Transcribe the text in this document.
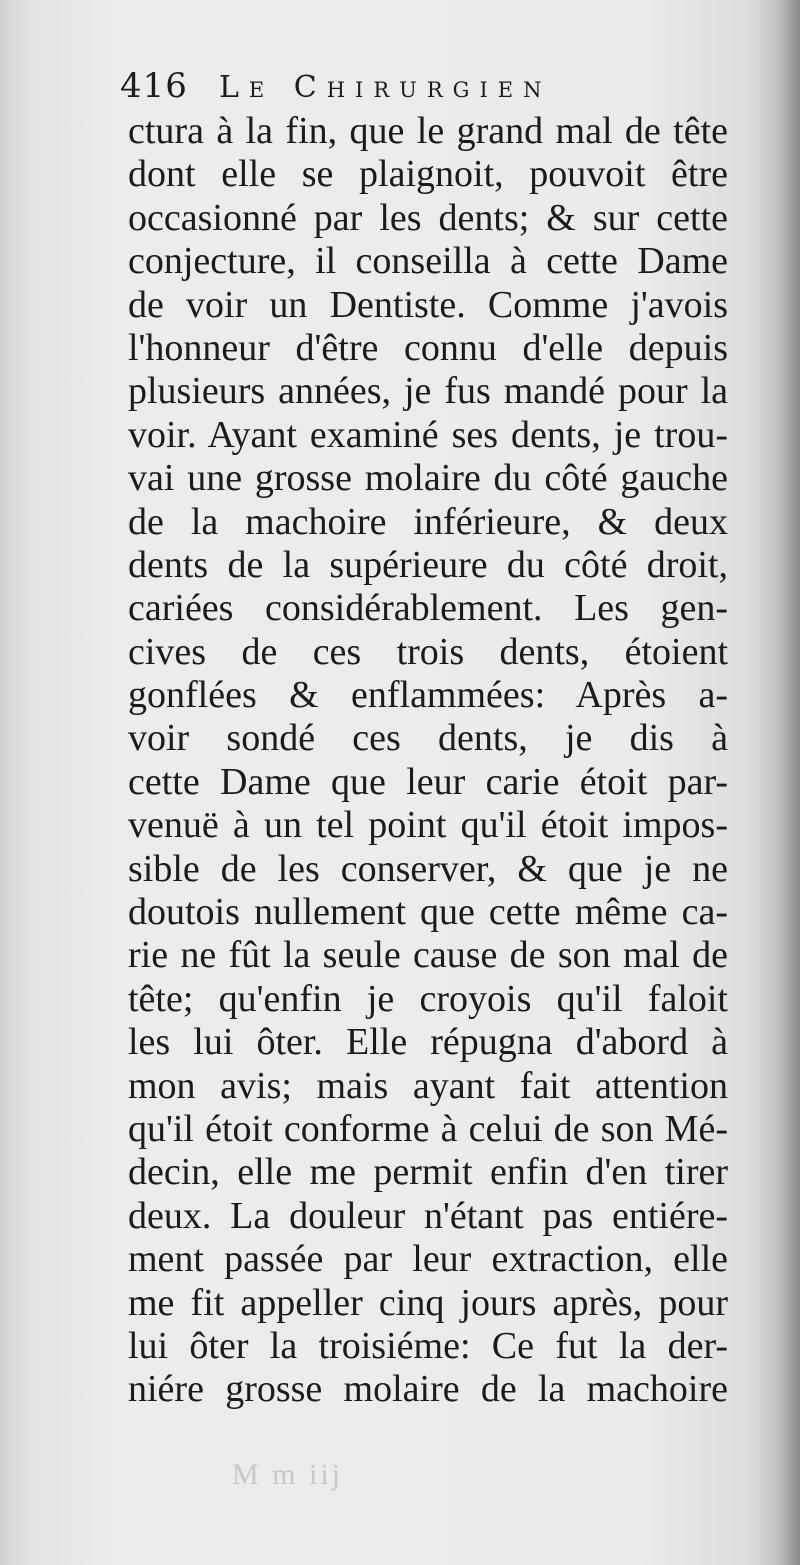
416 Le Chirurgien
ctura à la fin, que le grand mal de tête
dont elle se plaignoit, pouvoit être
occasionné par les dents; & sur cette
conjecture, il conseilla à cette Dame
de voir un Dentiste. Comme j'avois
l'honneur d'être connu d'elle depuis
plusieurs années, je fus mandé pour la
voir. Ayant examiné ses dents, je trou-
vai une grosse molaire du côté gauche
de la machoire inférieure, & deux
dents de la supérieure du côté droit,
cariées considérablement. Les gen-
cives de ces trois dents, étoient
gonflées & enflammées: Après a-
voir sondé ces dents, je dis à
cette Dame que leur carie étoit par-
venuë à un tel point qu'il étoit impos-
sible de les conserver, & que je ne
doutois nullement que cette même ca-
rie ne fût la seule cause de son mal de
tête; qu'enfin je croyois qu'il faloit
les lui ôter. Elle répugna d'abord à
mon avis; mais ayant fait attention
qu'il étoit conforme à celui de son Mé-
decin, elle me permit enfin d'en tirer
deux. La douleur n'étant pas entiére-
ment passée par leur extraction, elle
me fit appeller cinq jours après, pour
lui ôter la troisiéme: Ce fut la der-
niére grosse molaire de la machoire
M m iij
